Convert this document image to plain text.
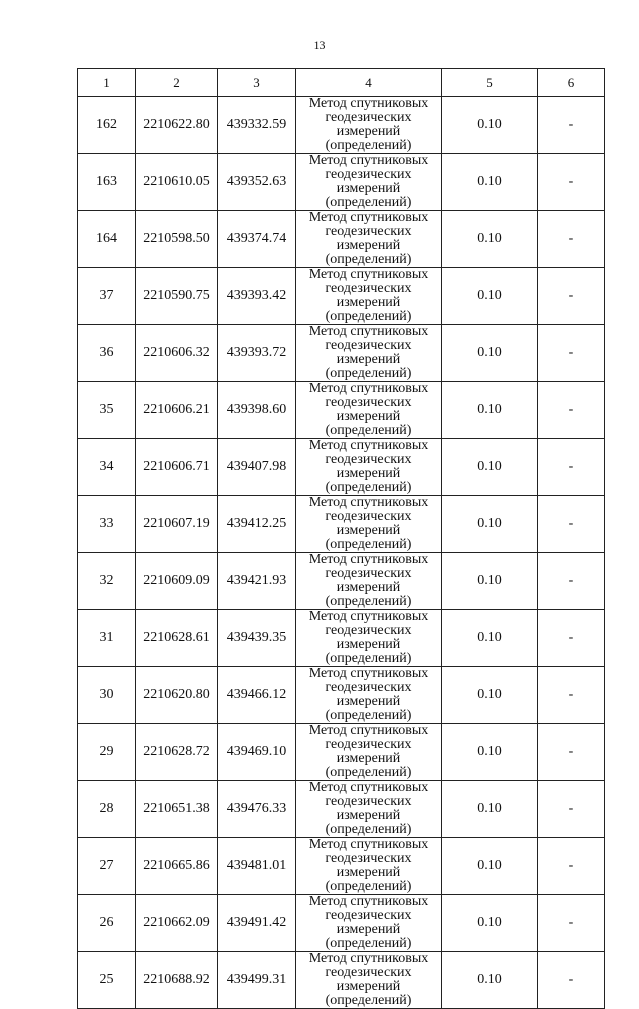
13
1	2	3	4	5	6
162	2210622.80	439332.59	Метод спутниковых геодезических измерений (определений)	0.10	-
163	2210610.05	439352.63	Метод спутниковых геодезических измерений (определений)	0.10	-
164	2210598.50	439374.74	Метод спутниковых геодезических измерений (определений)	0.10	-
37	2210590.75	439393.42	Метод спутниковых геодезических измерений (определений)	0.10	-
36	2210606.32	439393.72	Метод спутниковых геодезических измерений (определений)	0.10	-
35	2210606.21	439398.60	Метод спутниковых геодезических измерений (определений)	0.10	-
34	2210606.71	439407.98	Метод спутниковых геодезических измерений (определений)	0.10	-
33	2210607.19	439412.25	Метод спутниковых геодезических измерений (определений)	0.10	-
32	2210609.09	439421.93	Метод спутниковых геодезических измерений (определений)	0.10	-
31	2210628.61	439439.35	Метод спутниковых геодезических измерений (определений)	0.10	-
30	2210620.80	439466.12	Метод спутниковых геодезических измерений (определений)	0.10	-
29	2210628.72	439469.10	Метод спутниковых геодезических измерений (определений)	0.10	-
28	2210651.38	439476.33	Метод спутниковых геодезических измерений (определений)	0.10	-
27	2210665.86	439481.01	Метод спутниковых геодезических измерений (определений)	0.10	-
26	2210662.09	439491.42	Метод спутниковых геодезических измерений (определений)	0.10	-
25	2210688.92	439499.31	Метод спутниковых геодезических измерений (определений)	0.10	-
